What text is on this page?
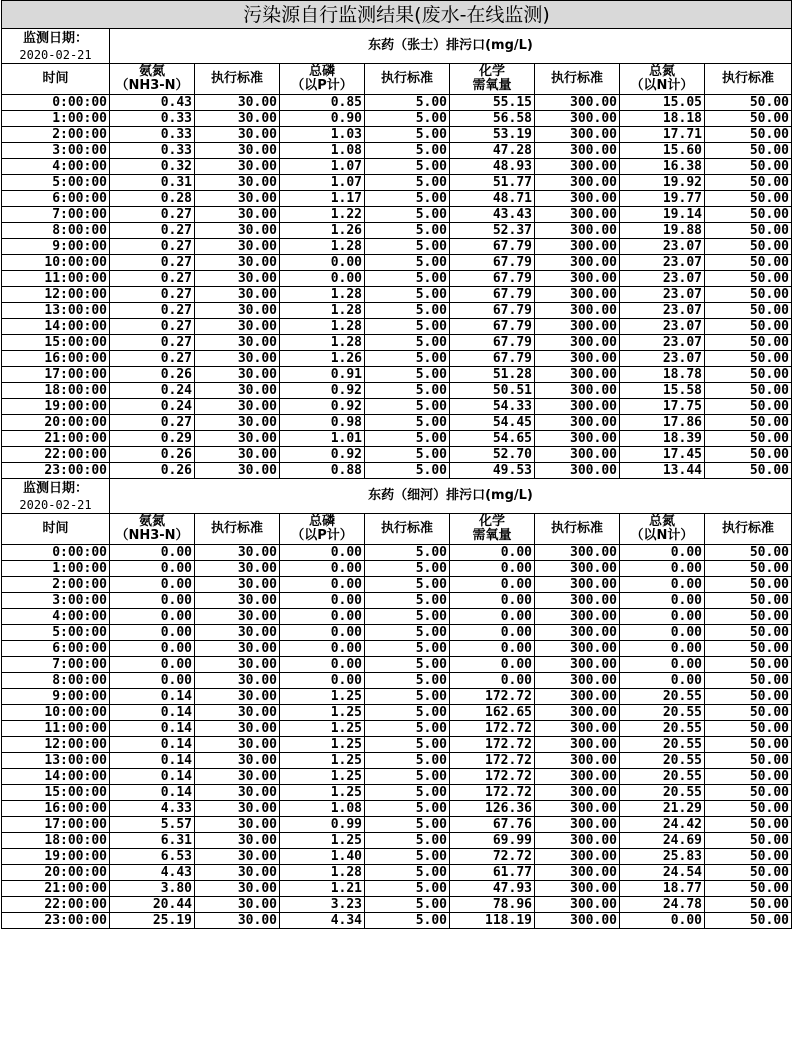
污染源自行监测结果(废水-在线监测)								
监测日期：
2020-02-21	东药（张士）排污口(mg/L)							
时间	氨氮
（NH3-N）	执行标准	总磷
（以P计）	执行标准	化学
需氧量	执行标准	总氮
（以N计）	执行标准
0:00:00	0.43	30.00	0.85	5.00	55.15	300.00	15.05	50.00
1:00:00	0.33	30.00	0.90	5.00	56.58	300.00	18.18	50.00
2:00:00	0.33	30.00	1.03	5.00	53.19	300.00	17.71	50.00
3:00:00	0.33	30.00	1.08	5.00	47.28	300.00	15.60	50.00
4:00:00	0.32	30.00	1.07	5.00	48.93	300.00	16.38	50.00
5:00:00	0.31	30.00	1.07	5.00	51.77	300.00	19.92	50.00
6:00:00	0.28	30.00	1.17	5.00	48.71	300.00	19.77	50.00
7:00:00	0.27	30.00	1.22	5.00	43.43	300.00	19.14	50.00
8:00:00	0.27	30.00	1.26	5.00	52.37	300.00	19.88	50.00
9:00:00	0.27	30.00	1.28	5.00	67.79	300.00	23.07	50.00
10:00:00	0.27	30.00	0.00	5.00	67.79	300.00	23.07	50.00
11:00:00	0.27	30.00	0.00	5.00	67.79	300.00	23.07	50.00
12:00:00	0.27	30.00	1.28	5.00	67.79	300.00	23.07	50.00
13:00:00	0.27	30.00	1.28	5.00	67.79	300.00	23.07	50.00
14:00:00	0.27	30.00	1.28	5.00	67.79	300.00	23.07	50.00
15:00:00	0.27	30.00	1.28	5.00	67.79	300.00	23.07	50.00
16:00:00	0.27	30.00	1.26	5.00	67.79	300.00	23.07	50.00
17:00:00	0.26	30.00	0.91	5.00	51.28	300.00	18.78	50.00
18:00:00	0.24	30.00	0.92	5.00	50.51	300.00	15.58	50.00
19:00:00	0.24	30.00	0.92	5.00	54.33	300.00	17.75	50.00
20:00:00	0.27	30.00	0.98	5.00	54.45	300.00	17.86	50.00
21:00:00	0.29	30.00	1.01	5.00	54.65	300.00	18.39	50.00
22:00:00	0.26	30.00	0.92	5.00	52.70	300.00	17.45	50.00
23:00:00	0.26	30.00	0.88	5.00	49.53	300.00	13.44	50.00
监测日期：
2020-02-21	东药（细河）排污口(mg/L)							
时间	氨氮
（NH3-N）	执行标准	总磷
（以P计）	执行标准	化学
需氧量	执行标准	总氮
（以N计）	执行标准
0:00:00	0.00	30.00	0.00	5.00	0.00	300.00	0.00	50.00
1:00:00	0.00	30.00	0.00	5.00	0.00	300.00	0.00	50.00
2:00:00	0.00	30.00	0.00	5.00	0.00	300.00	0.00	50.00
3:00:00	0.00	30.00	0.00	5.00	0.00	300.00	0.00	50.00
4:00:00	0.00	30.00	0.00	5.00	0.00	300.00	0.00	50.00
5:00:00	0.00	30.00	0.00	5.00	0.00	300.00	0.00	50.00
6:00:00	0.00	30.00	0.00	5.00	0.00	300.00	0.00	50.00
7:00:00	0.00	30.00	0.00	5.00	0.00	300.00	0.00	50.00
8:00:00	0.00	30.00	0.00	5.00	0.00	300.00	0.00	50.00
9:00:00	0.14	30.00	1.25	5.00	172.72	300.00	20.55	50.00
10:00:00	0.14	30.00	1.25	5.00	162.65	300.00	20.55	50.00
11:00:00	0.14	30.00	1.25	5.00	172.72	300.00	20.55	50.00
12:00:00	0.14	30.00	1.25	5.00	172.72	300.00	20.55	50.00
13:00:00	0.14	30.00	1.25	5.00	172.72	300.00	20.55	50.00
14:00:00	0.14	30.00	1.25	5.00	172.72	300.00	20.55	50.00
15:00:00	0.14	30.00	1.25	5.00	172.72	300.00	20.55	50.00
16:00:00	4.33	30.00	1.08	5.00	126.36	300.00	21.29	50.00
17:00:00	5.57	30.00	0.99	5.00	67.76	300.00	24.42	50.00
18:00:00	6.31	30.00	1.25	5.00	69.99	300.00	24.69	50.00
19:00:00	6.53	30.00	1.40	5.00	72.72	300.00	25.83	50.00
20:00:00	4.43	30.00	1.28	5.00	61.77	300.00	24.54	50.00
21:00:00	3.80	30.00	1.21	5.00	47.93	300.00	18.77	50.00
22:00:00	20.44	30.00	3.23	5.00	78.96	300.00	24.78	50.00
23:00:00	25.19	30.00	4.34	5.00	118.19	300.00	0.00	50.00
